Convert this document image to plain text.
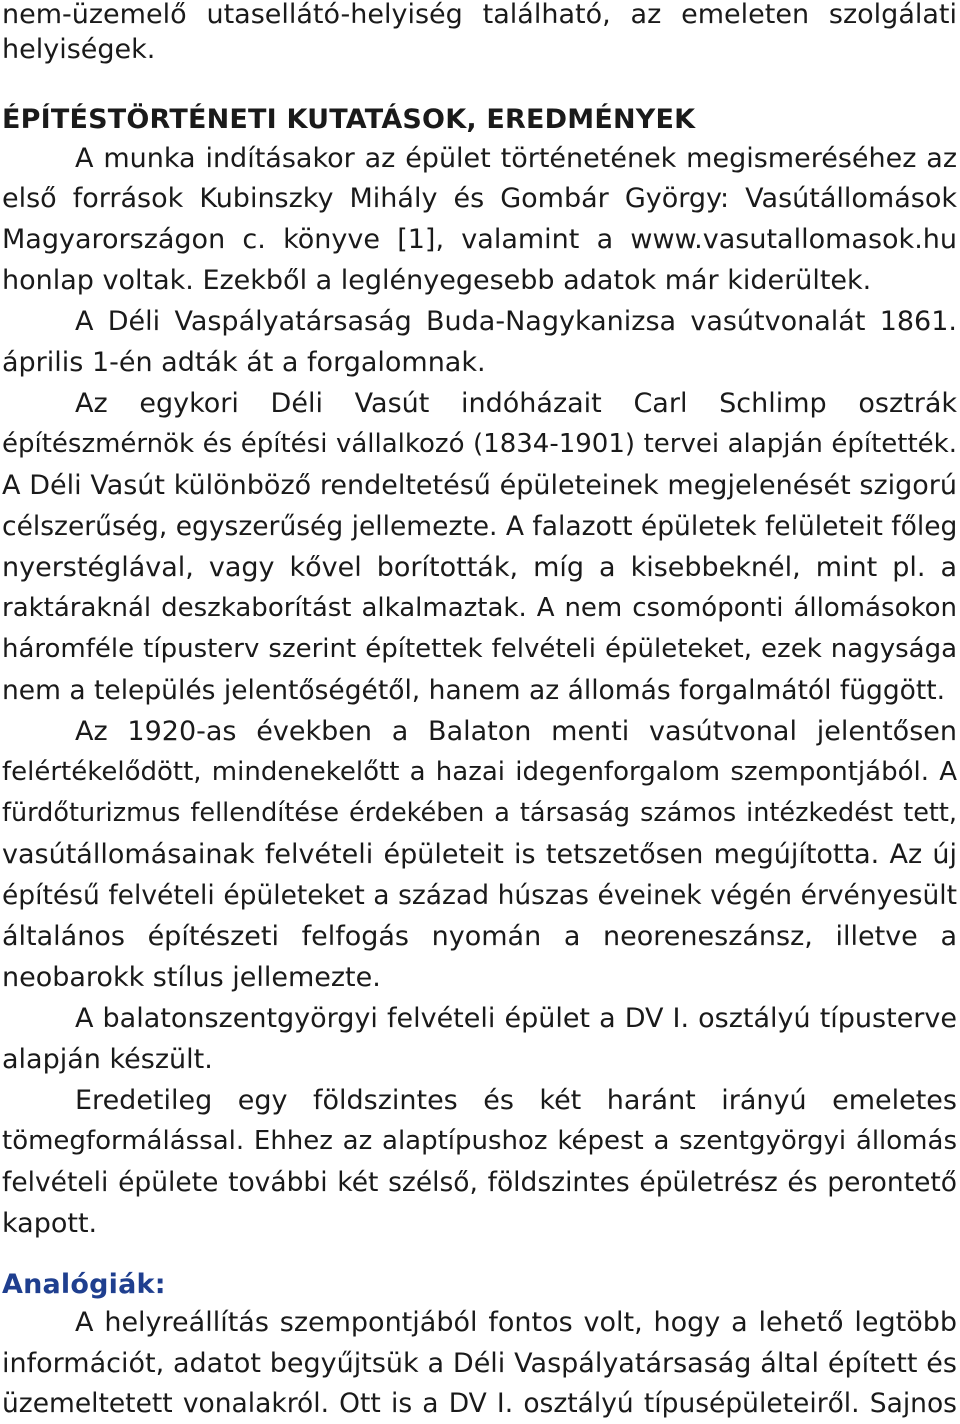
nem-üzemelő utasellátó-helyiség található, az emeleten szolgálati
helyiségek.
ÉPÍTÉSTÖRTÉNETI KUTATÁSOK, EREDMÉNYEK
A munka indításakor az épület történetének megismeréséhez az
első források Kubinszky Mihály és Gombár György: Vasútállomások
Magyarországon c. könyve [1], valamint a www.vasutallomasok.hu
honlap voltak. Ezekből a leglényegesebb adatok már kiderültek.
A Déli Vaspályatársaság Buda-Nagykanizsa vasútvonalát 1861.
április 1-én adták át a forgalomnak.
Az egykori Déli Vasút indóházait Carl Schlimp osztrák
építészmérnök és építési vállalkozó (1834-1901) tervei alapján építették.
A Déli Vasút különböző rendeltetésű épületeinek megjelenését szigorú
célszerűség, egyszerűség jellemezte. A falazott épületek felületeit főleg
nyerstéglával, vagy kővel borították, míg a kisebbeknél, mint pl. a
raktáraknál deszkaborítást alkalmaztak. A nem csomóponti állomásokon
háromféle típusterv szerint építettek felvételi épületeket, ezek nagysága
nem a település jelentőségétől, hanem az állomás forgalmától függött.
Az 1920-as években a Balaton menti vasútvonal jelentősen
felértékelődött, mindenekelőtt a hazai idegenforgalom szempontjából. A
fürdőturizmus fellendítése érdekében a társaság számos intézkedést tett,
vasútállomásainak felvételi épületeit is tetszetősen megújította. Az új
építésű felvételi épületeket a század húszas éveinek végén érvényesült
általános építészeti felfogás nyomán a neoreneszánsz, illetve a
neobarokk stílus jellemezte.
A balatonszentgyörgyi felvételi épület a DV I. osztályú típusterve
alapján készült.
Eredetileg egy földszintes és két haránt irányú emeletes
tömegformálással. Ehhez az alaptípushoz képest a szentgyörgyi állomás
felvételi épülete további két szélső, földszintes épületrész és perontető
kapott.
Analógiák:
A helyreállítás szempontjából fontos volt, hogy a lehető legtöbb
információt, adatot begyűjtsük a Déli Vaspályatársaság által épített és
üzemeltetett vonalakról. Ott is a DV I. osztályú típusépületeiről. Sajnos
